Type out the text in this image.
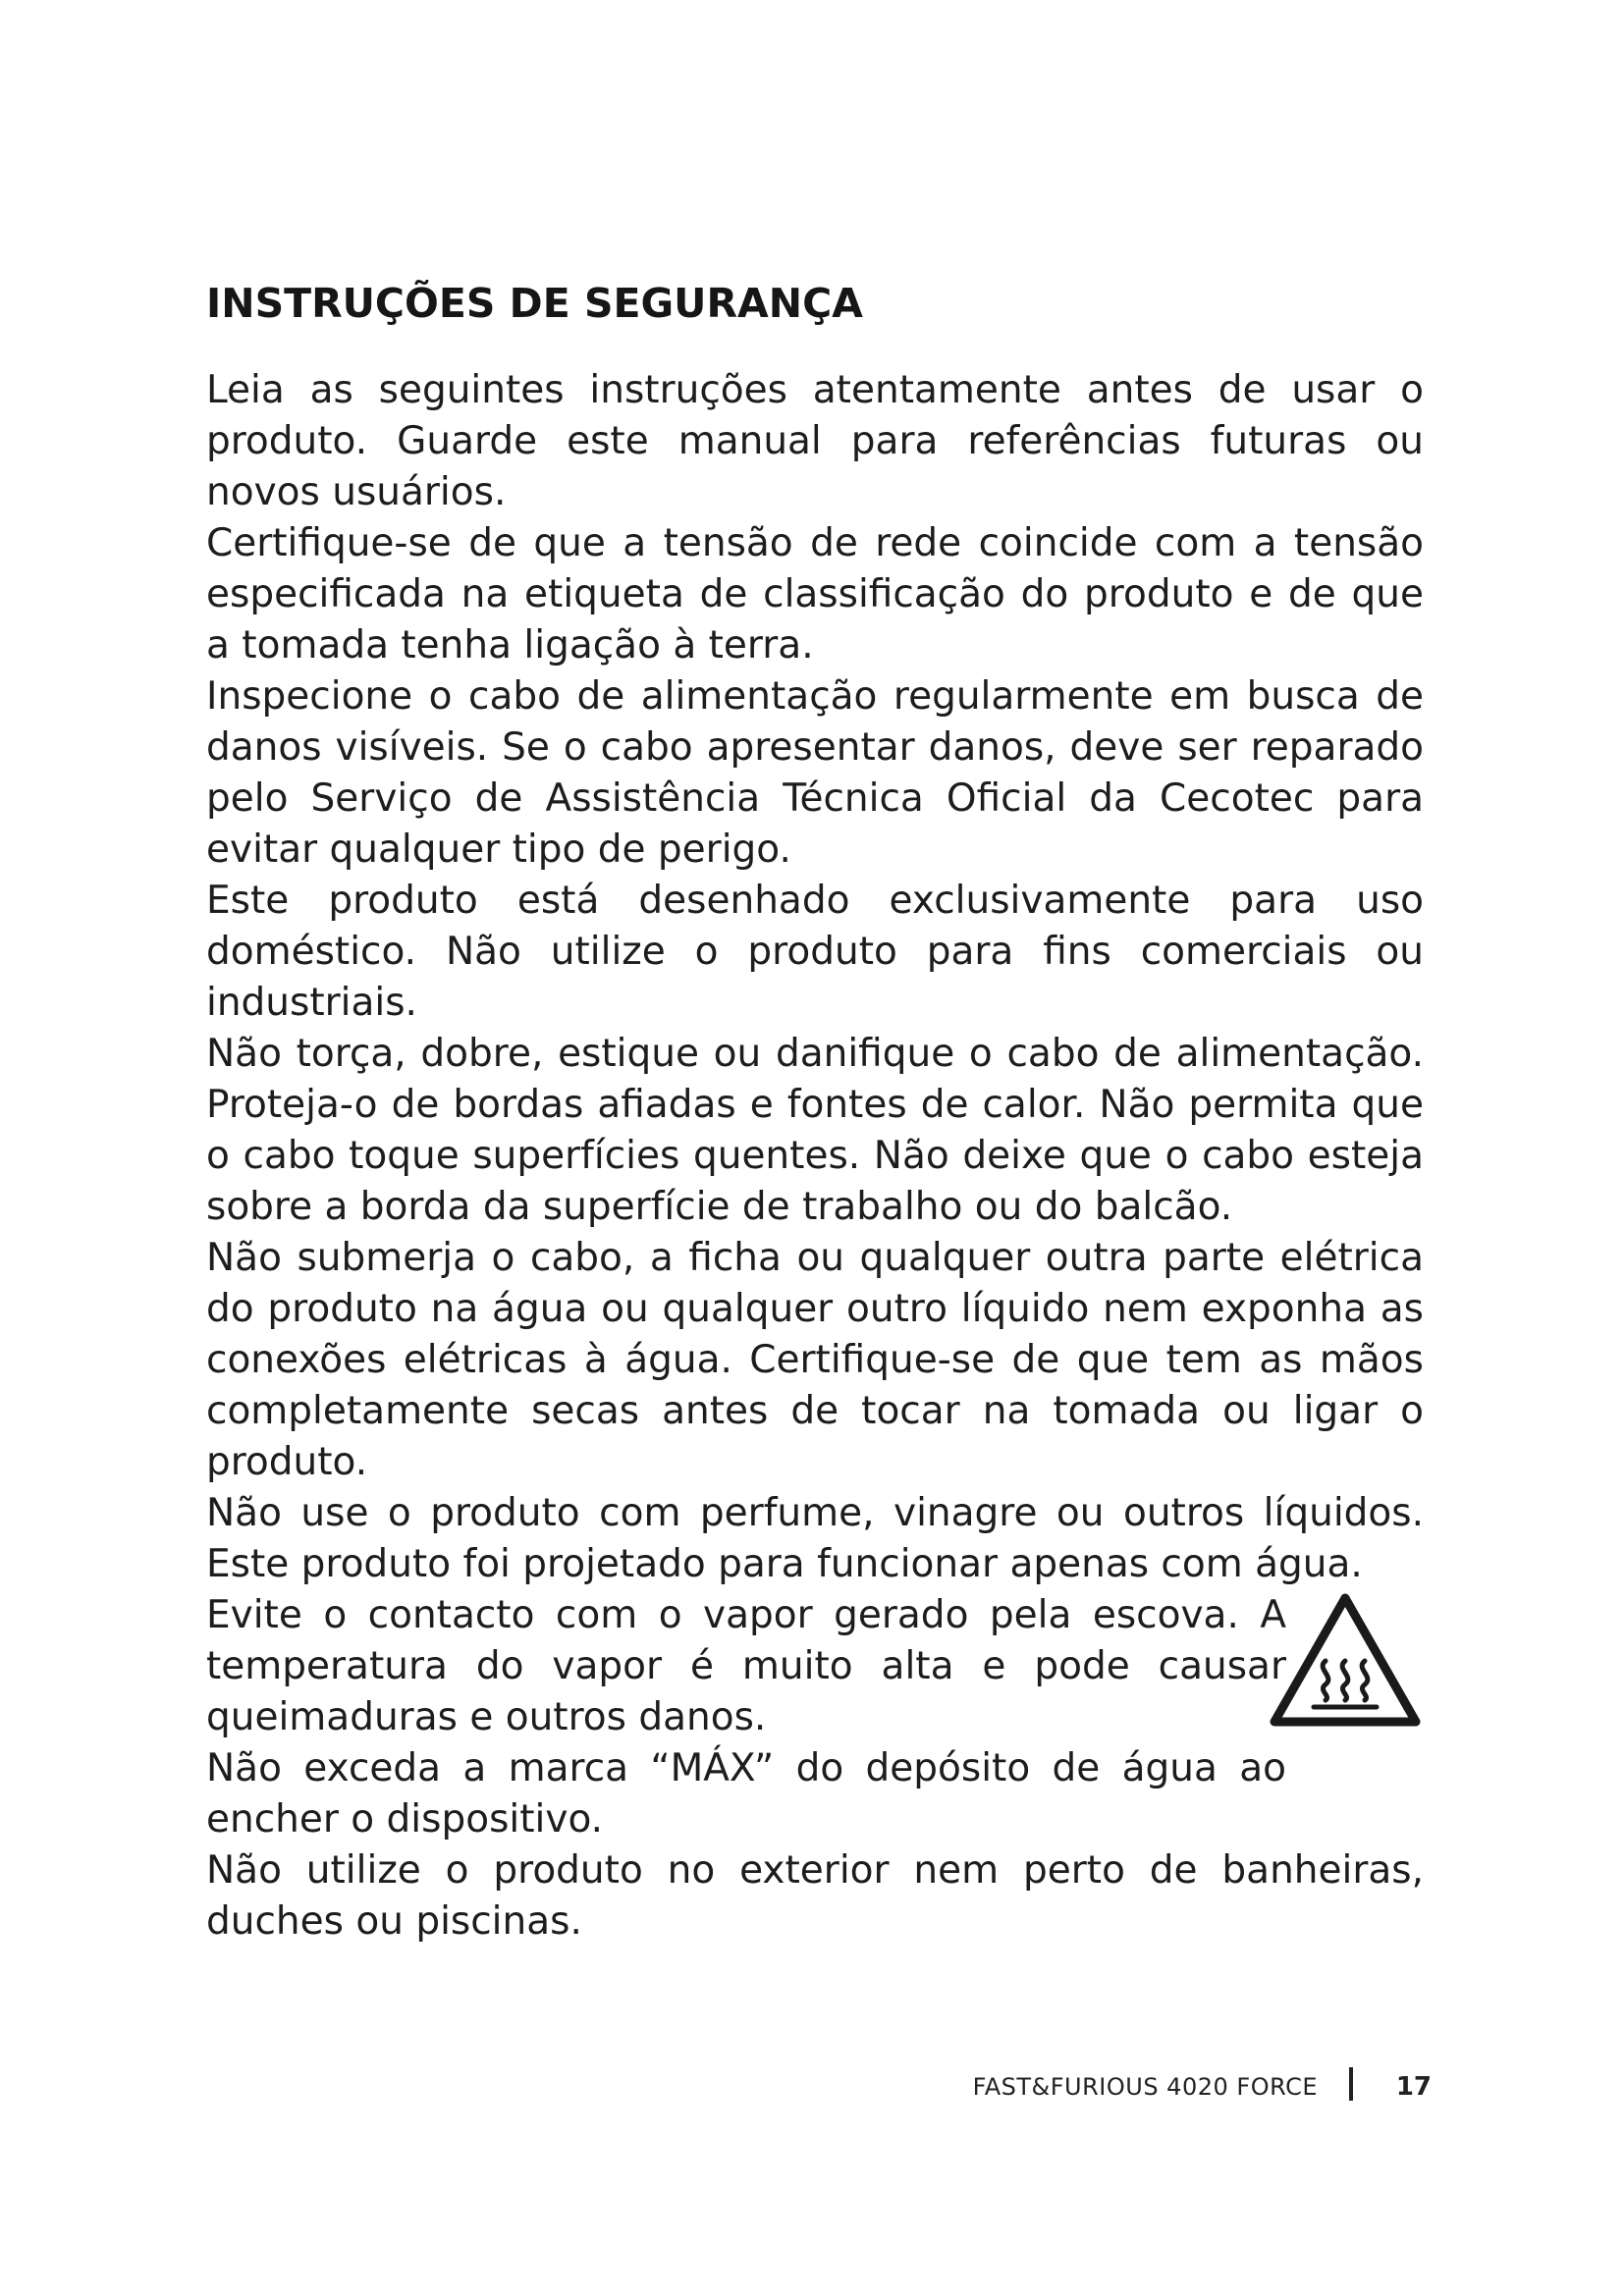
INSTRUÇÕES DE SEGURANÇA

Leia as seguintes instruções atentamente antes de usar o produto. Guarde este manual para referências futuras ou novos usuários.

Certifique-se de que a tensão de rede coincide com a tensão especificada na etiqueta de classificação do produto e de que a tomada tenha ligação à terra.

Inspecione o cabo de alimentação regularmente em busca de danos visíveis. Se o cabo apresentar danos, deve ser reparado pelo Serviço de Assistência Técnica Oficial da Cecotec para evitar qualquer tipo de perigo.

Este produto está desenhado exclusivamente para uso doméstico. Não utilize o produto para fins comerciais ou industriais.

Não torça, dobre, estique ou danifique o cabo de alimentação. Proteja-o de bordas afiadas e fontes de calor. Não permita que o cabo toque superfícies quentes. Não deixe que o cabo esteja sobre a borda da superfície de trabalho ou do balcão.

Não submerja o cabo, a ficha ou qualquer outra parte elétrica do produto na água ou qualquer outro líquido nem exponha as conexões elétricas à água. Certifique-se de que tem as mãos completamente secas antes de tocar na tomada ou ligar o produto.

Não use o produto com perfume, vinagre ou outros líquidos. Este produto foi projetado para funcionar apenas com água.

Evite o contacto com o vapor gerado pela escova. A temperatura do vapor é muito alta e pode causar queimaduras e outros danos.

Não exceda a marca “MÁX” do depósito de água ao encher o dispositivo.

Não utilize o produto no exterior nem perto de banheiras, duches ou piscinas.

FAST&FURIOUS 4020 FORCE	17
